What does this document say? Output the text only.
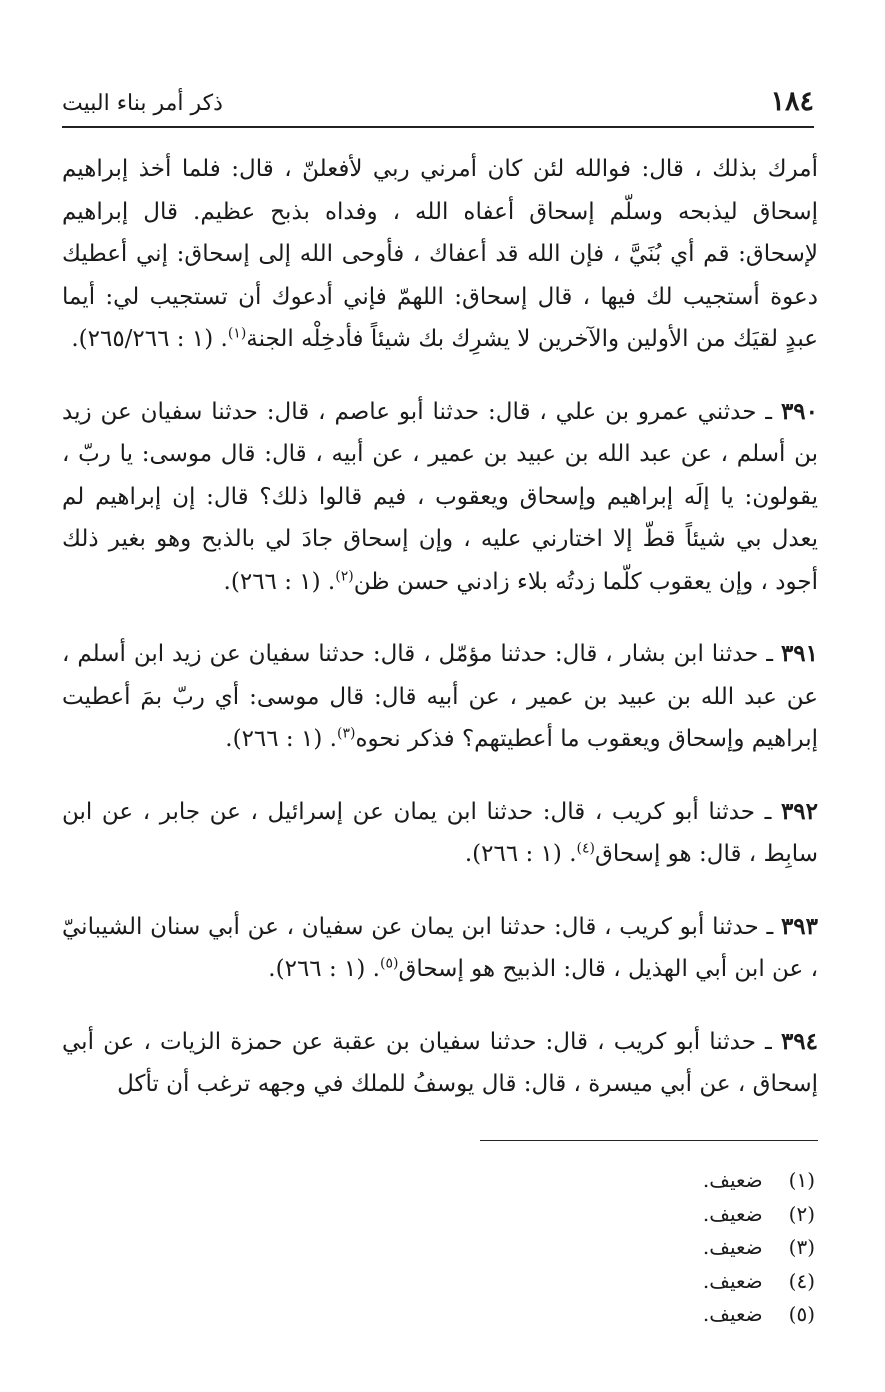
١٨٤
ذكر أمر بناء البيت

أمرك بذلك ، قال: فوالله لئن كان أمرني ربي لأفعلنّ ، قال: فلما أخذ إبراهيم إسحاق ليذبحه وسلّم إسحاق أعفاه الله ، وفداه بذبح عظيم. قال إبراهيم لإسحاق: قم أي بُنَيَّ ، فإن الله قد أعفاك ، فأوحى الله إلى إسحاق: إني أعطيك دعوة أستجيب لك فيها ، قال إسحاق: اللهمّ فإني أدعوك أن تستجيب لي: أيما عبدٍ لقيَك من الأولين والآخرين لا يشرِك بك شيئاً فأدخِلْه الجنة$^{(١)}$. (١ : ٢٦٥/٢٦٦).

٣٩٠ ـ حدثني عمرو بن علي ، قال: حدثنا أبو عاصم ، قال: حدثنا سفيان عن زيد بن أسلم ، عن عبد الله بن عبيد بن عمير ، عن أبيه ، قال: قال موسى: يا ربّ ، يقولون: يا إلَه إبراهيم وإسحاق ويعقوب ، فيم قالوا ذلك؟ قال: إن إبراهيم لم يعدل بي شيئاً قطّ إلا اختارني عليه ، وإن إسحاق جادَ لي بالذبح وهو بغير ذلك أجود ، وإن يعقوب كلّما زدتُه بلاء زادني حسن ظن$^{(٢)}$. (١ : ٢٦٦).

٣٩١ ـ حدثنا ابن بشار ، قال: حدثنا مؤمّل ، قال: حدثنا سفيان عن زيد ابن أسلم ، عن عبد الله بن عبيد بن عمير ، عن أبيه قال: قال موسى: أي ربّ بمَ أعطيت إبراهيم وإسحاق ويعقوب ما أعطيتهم؟ فذكر نحوه$^{(٣)}$. (١ : ٢٦٦).

٣٩٢ ـ حدثنا أبو كريب ، قال: حدثنا ابن يمان عن إسرائيل ، عن جابر ، عن ابن سابِط ، قال: هو إسحاق$^{(٤)}$. (١ : ٢٦٦).

٣٩٣ ـ حدثنا أبو كريب ، قال: حدثنا ابن يمان عن سفيان ، عن أبي سنان الشيبانيّ ، عن ابن أبي الهذيل ، قال: الذبيح هو إسحاق$^{(٥)}$. (١ : ٢٦٦).

٣٩٤ ـ حدثنا أبو كريب ، قال: حدثنا سفيان بن عقبة عن حمزة الزيات ، عن أبي إسحاق ، عن أبي ميسرة ، قال: قال يوسفُ للملك في وجهه ترغب أن تأكل

(١) ضعيف.
(٢) ضعيف.
(٣) ضعيف.
(٤) ضعيف.
(٥) ضعيف.
